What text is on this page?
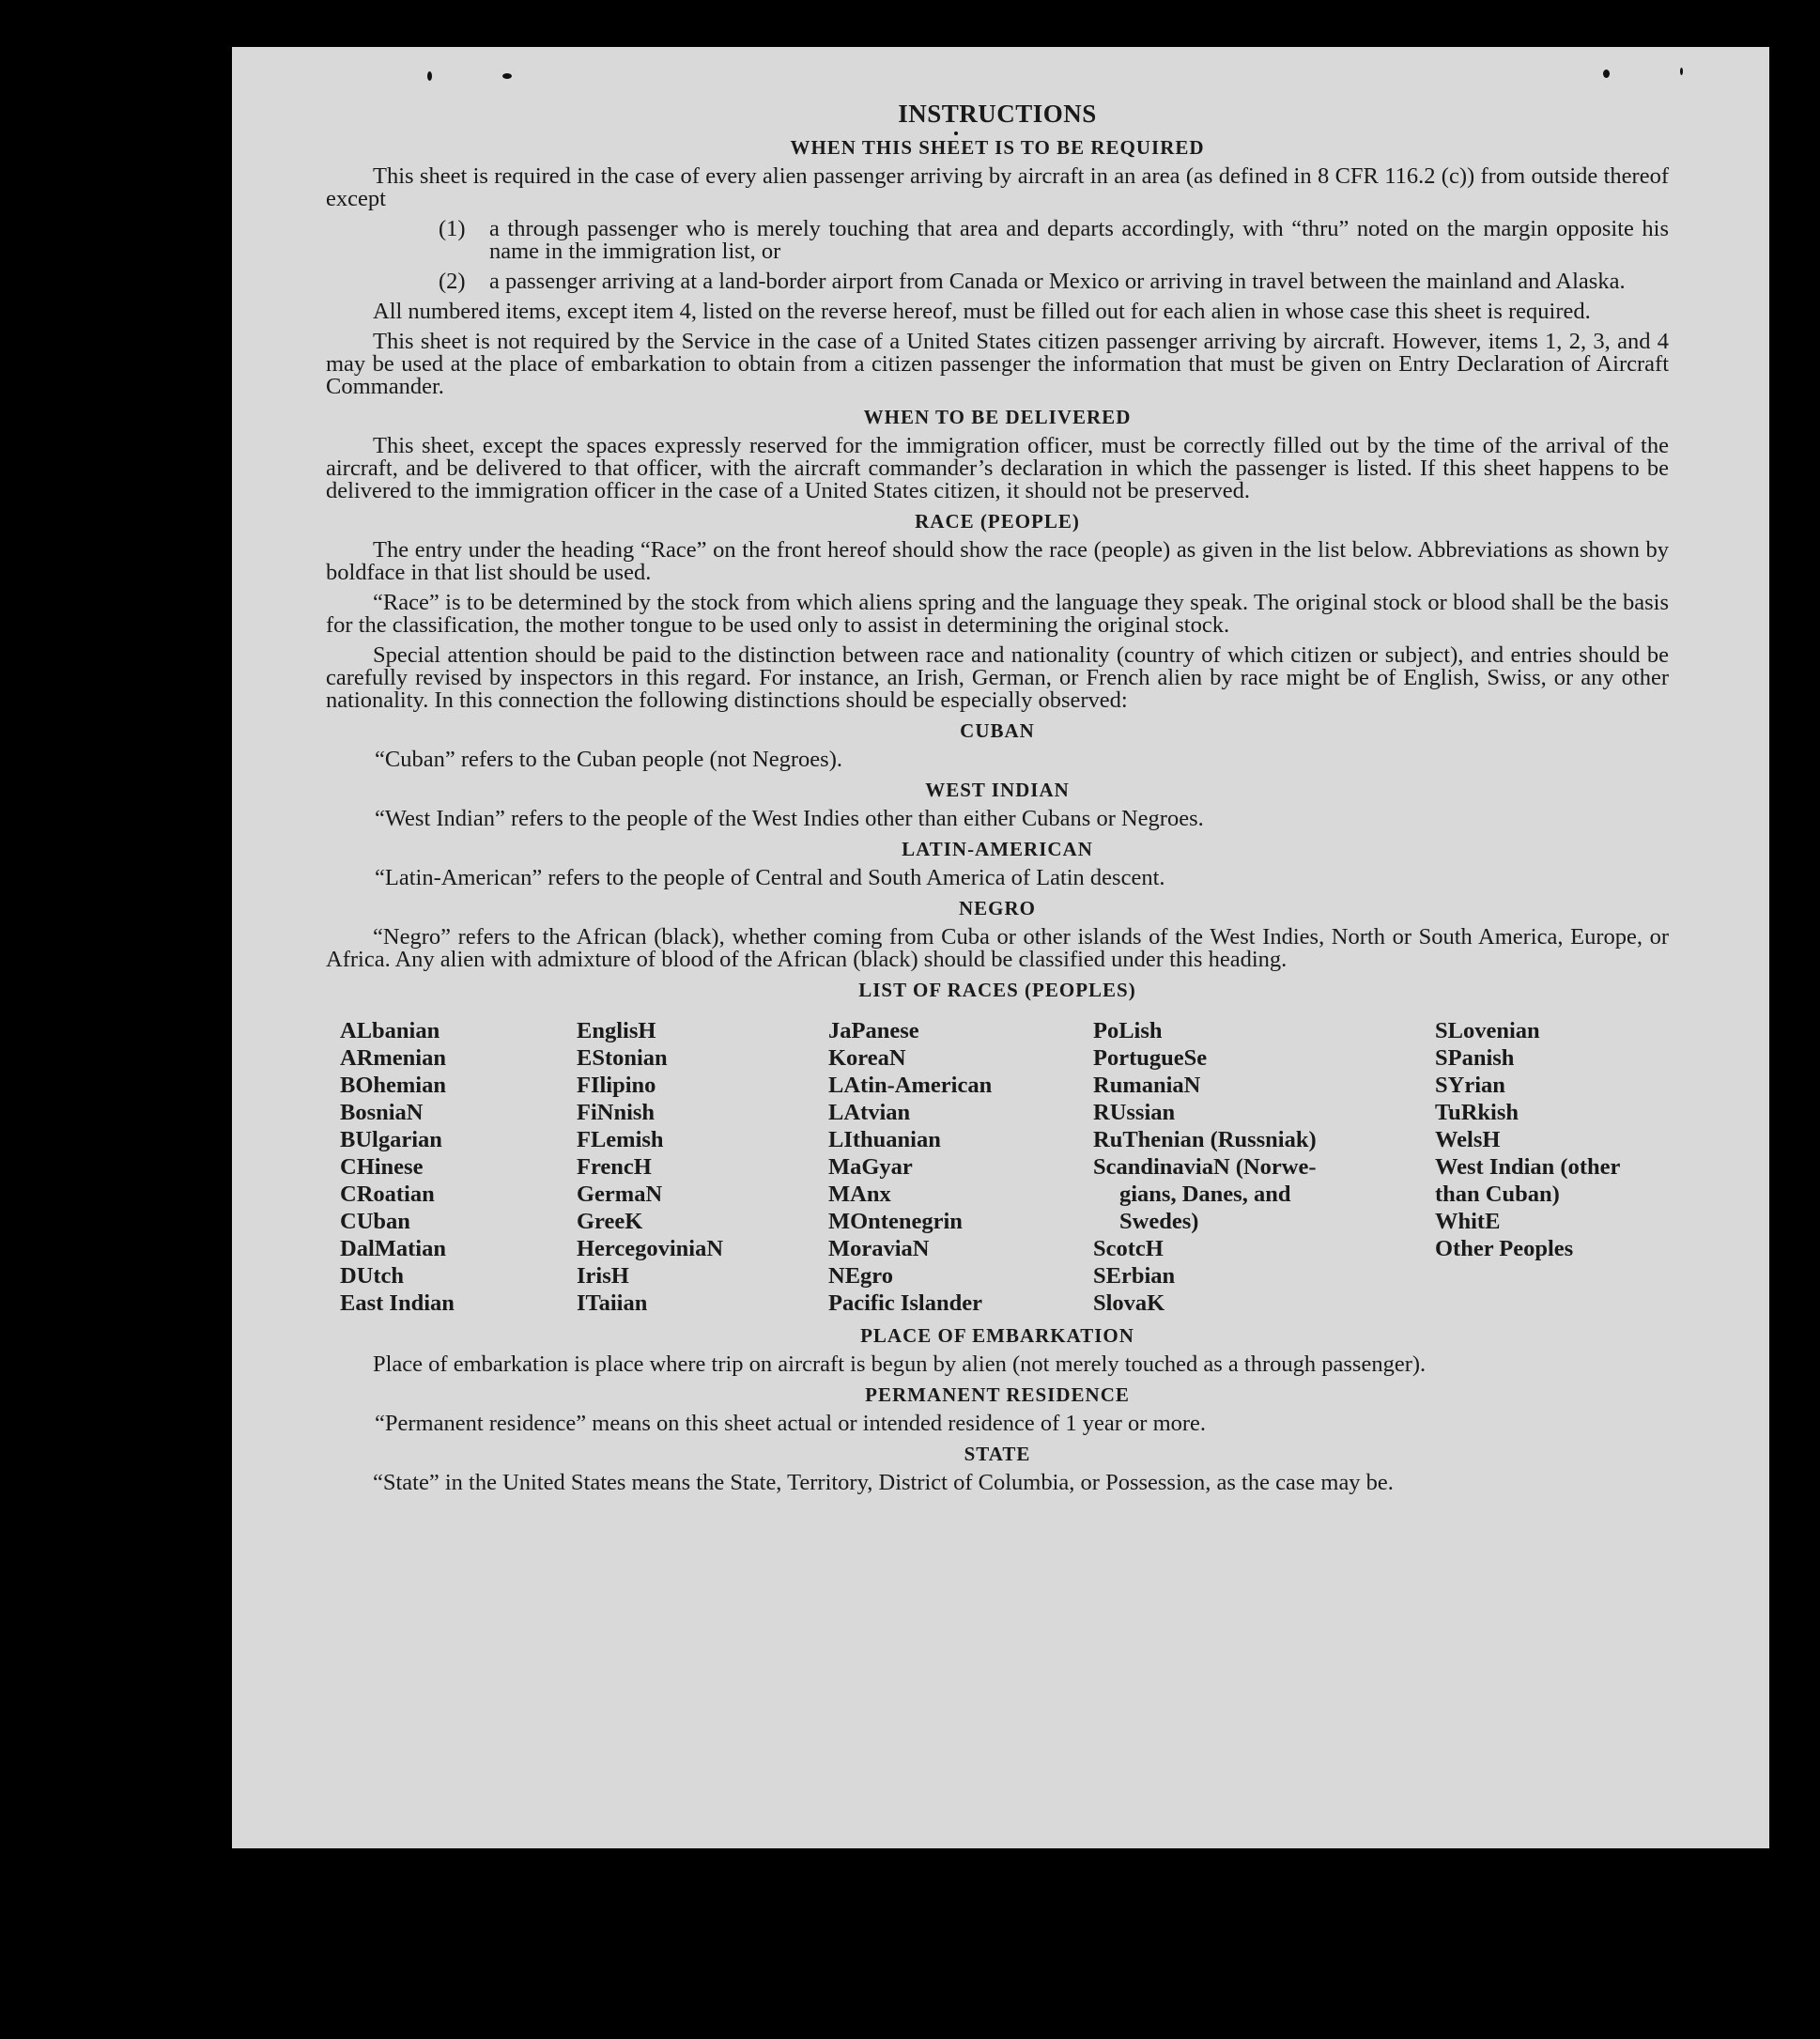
INSTRUCTIONS
WHEN THIS SHEET IS TO BE REQUIRED
This sheet is required in the case of every alien passenger arriving by aircraft in an area (as defined in 8 CFR 116.2 (c)) from outside thereof except
(1)	a through passenger who is merely touching that area and departs accordingly, with “thru” noted on the margin opposite his name in the immigration list, or
(2)	a passenger arriving at a land-border airport from Canada or Mexico or arriving in travel between the mainland and Alaska.
All numbered items, except item 4, listed on the reverse hereof, must be filled out for each alien in whose case this sheet is required.
This sheet is not required by the Service in the case of a United States citizen passenger arriving by aircraft. However, items 1, 2, 3, and 4 may be used at the place of embarkation to obtain from a citizen passenger the information that must be given on Entry Declaration of Aircraft Commander.
WHEN TO BE DELIVERED
This sheet, except the spaces expressly reserved for the immigration officer, must be correctly filled out by the time of the arrival of the aircraft, and be delivered to that officer, with the aircraft commander’s declaration in which the passenger is listed. If this sheet happens to be delivered to the immigration officer in the case of a United States citizen, it should not be preserved.
RACE (PEOPLE)
The entry under the heading “Race” on the front hereof should show the race (people) as given in the list below. Abbreviations as shown by boldface in that list should be used.
“Race” is to be determined by the stock from which aliens spring and the language they speak. The original stock or blood shall be the basis for the classification, the mother tongue to be used only to assist in determining the original stock.
Special attention should be paid to the distinction between race and nationality (country of which citizen or subject), and entries should be carefully revised by inspectors in this regard. For instance, an Irish, German, or French alien by race might be of English, Swiss, or any other nationality. In this connection the following distinctions should be especially observed:
CUBAN
“Cuban” refers to the Cuban people (not Negroes).
WEST INDIAN
“West Indian” refers to the people of the West Indies other than either Cubans or Negroes.
LATIN-AMERICAN
“Latin-American” refers to the people of Central and South America of Latin descent.
NEGRO
“Negro” refers to the African (black), whether coming from Cuba or other islands of the West Indies, North or South America, Europe, or Africa. Any alien with admixture of blood of the African (black) should be classified under this heading.
LIST OF RACES (PEOPLES)
ALbanian
ARmenian
BOhemian
BosniaN
BUlgarian
CHinese
CRoatian
CUban
DalMatian
DUtch
East Indian
EnglisH
EStonian
FIlipino
FiNnish
FLemish
FrencH
GermaN
GreeK
HercegoviniaN
IrisH
ITaiian
JaPanese
KoreaN
LAtin-American
LAtvian
LIthuanian
MaGyar
MAnx
MOntenegrin
MoraviaN
NEgro
Pacific Islander
PoLish
PortugueSe
RumaniaN
RUssian
RuThenian (Russniak)
ScandinaviaN (Norwe-
gians, Danes, and
Swedes)
ScotcH
SErbian
SlovaK
SLovenian
SPanish
SYrian
TuRkish
WelsH
West Indian (other
than Cuban)
WhitE
Other Peoples
PLACE OF EMBARKATION
Place of embarkation is place where trip on aircraft is begun by alien (not merely touched as a through passenger).
PERMANENT RESIDENCE
“Permanent residence” means on this sheet actual or intended residence of 1 year or more.
STATE
“State” in the United States means the State, Territory, District of Columbia, or Possession, as the case may be.
